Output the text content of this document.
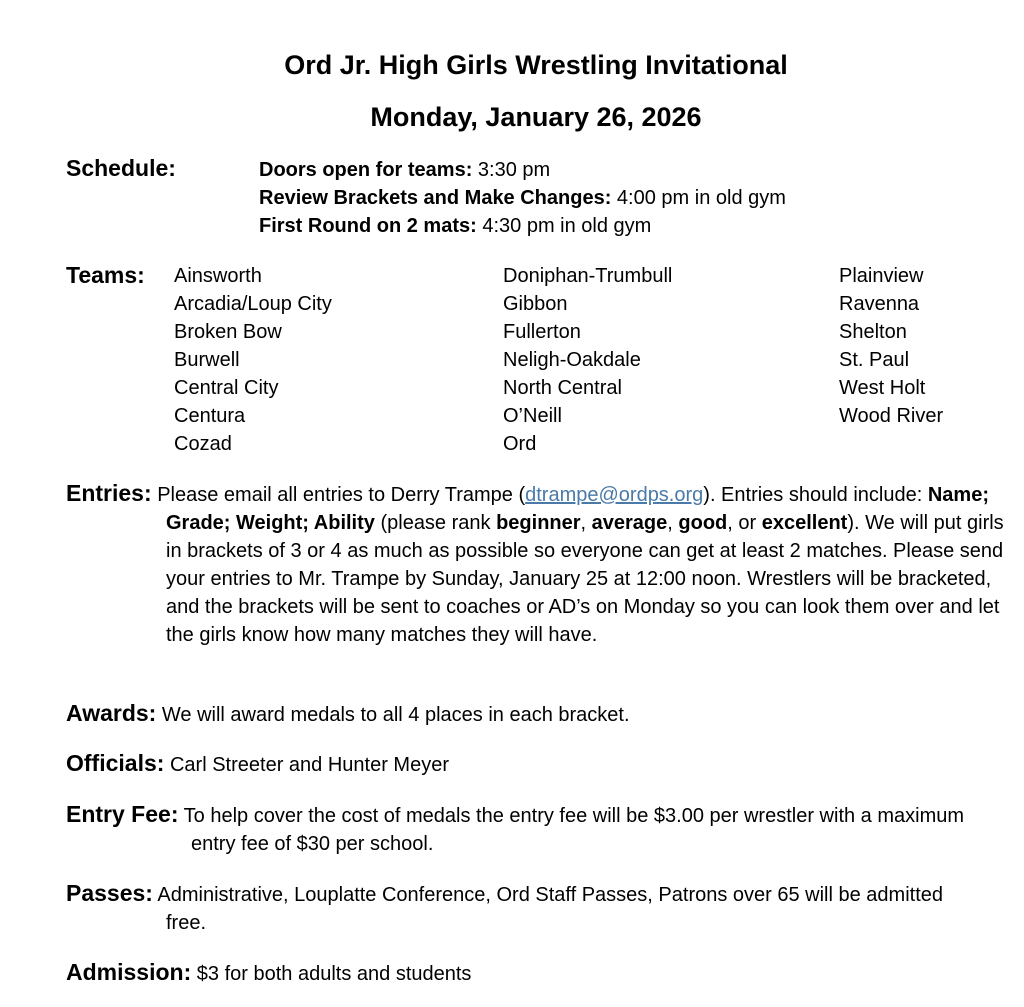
Ord Jr. High Girls Wrestling Invitational
Monday, January 26, 2026
Schedule:	Doors open for teams: 3:30 pm
Review Brackets and Make Changes: 4:00 pm in old gym
First Round on 2 mats: 4:30 pm in old gym
Teams: Ainsworth
Arcadia/Loup City
Broken Bow
Burwell
Central City
Centura
Cozad
Doniphan-Trumbull
Gibbon
Fullerton
Neligh-Oakdale
North Central
O’Neill
Ord
Plainview
Ravenna
Shelton
St. Paul
West Holt
Wood River
Entries: Please email all entries to Derry Trampe (dtrampe@ordps.org). Entries should include: Name; Grade; Weight; Ability (please rank beginner, average, good, or excellent). We will put girls in brackets of 3 or 4 as much as possible so everyone can get at least 2 matches. Please send your entries to Mr. Trampe by Sunday, January 25 at 12:00 noon. Wrestlers will be bracketed, and the brackets will be sent to coaches or AD’s on Monday so you can look them over and let the girls know how many matches they will have.
Awards: We will award medals to all 4 places in each bracket.
Officials: Carl Streeter and Hunter Meyer
Entry Fee: To help cover the cost of medals the entry fee will be $3.00 per wrestler with a maximum entry fee of $30 per school.
Passes: Administrative, Louplatte Conference, Ord Staff Passes, Patrons over 65 will be admitted free.
Admission: $3 for both adults and students
